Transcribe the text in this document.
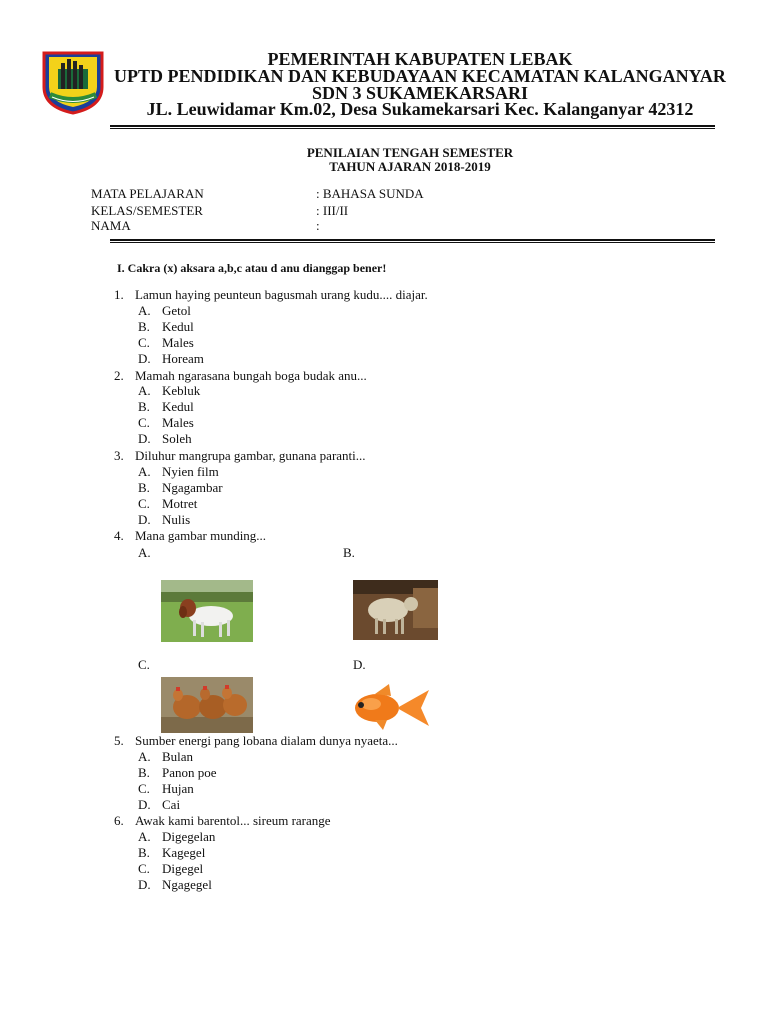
PEMERINTAH KABUPATEN LEBAK
UPTD PENDIDIKAN DAN KEBUDAYAAN KECAMATAN KALANGANYAR
SDN 3 SUKAMEKARSARI
JL. Leuwidamar Km.02, Desa Sukamekarsari Kec. Kalanganyar 42312
PENILAIAN TENGAH SEMESTER
TAHUN AJARAN 2018-2019
MATA PELAJARAN	: BAHASA SUNDA
KELAS/SEMESTER	: III/II
NAMA	:
I. Cakra (x) aksara a,b,c atau d anu dianggap bener!
1. Lamun haying peunteun bagusmah urang kudu.... diajar.
A. Getol
B. Kedul
C. Males
D. Hoream
2. Mamah ngarasana bungah boga budak anu...
A. Kebluk
B. Kedul
C. Males
D. Soleh
3. Diluhur mangrupa gambar, gunana paranti...
A. Nyien film
B. Ngagambar
C. Motret
D. Nulis
4. Mana gambar munding...
A.	B.
C.	D.
5. Sumber energi pang lobana dialam dunya nyaeta...
A. Bulan
B. Panon poe
C. Hujan
D. Cai
6. Awak kami barentol... sireum rarange
A. Digegelan
B. Kagegel
C. Digegel
D. Ngagegel
